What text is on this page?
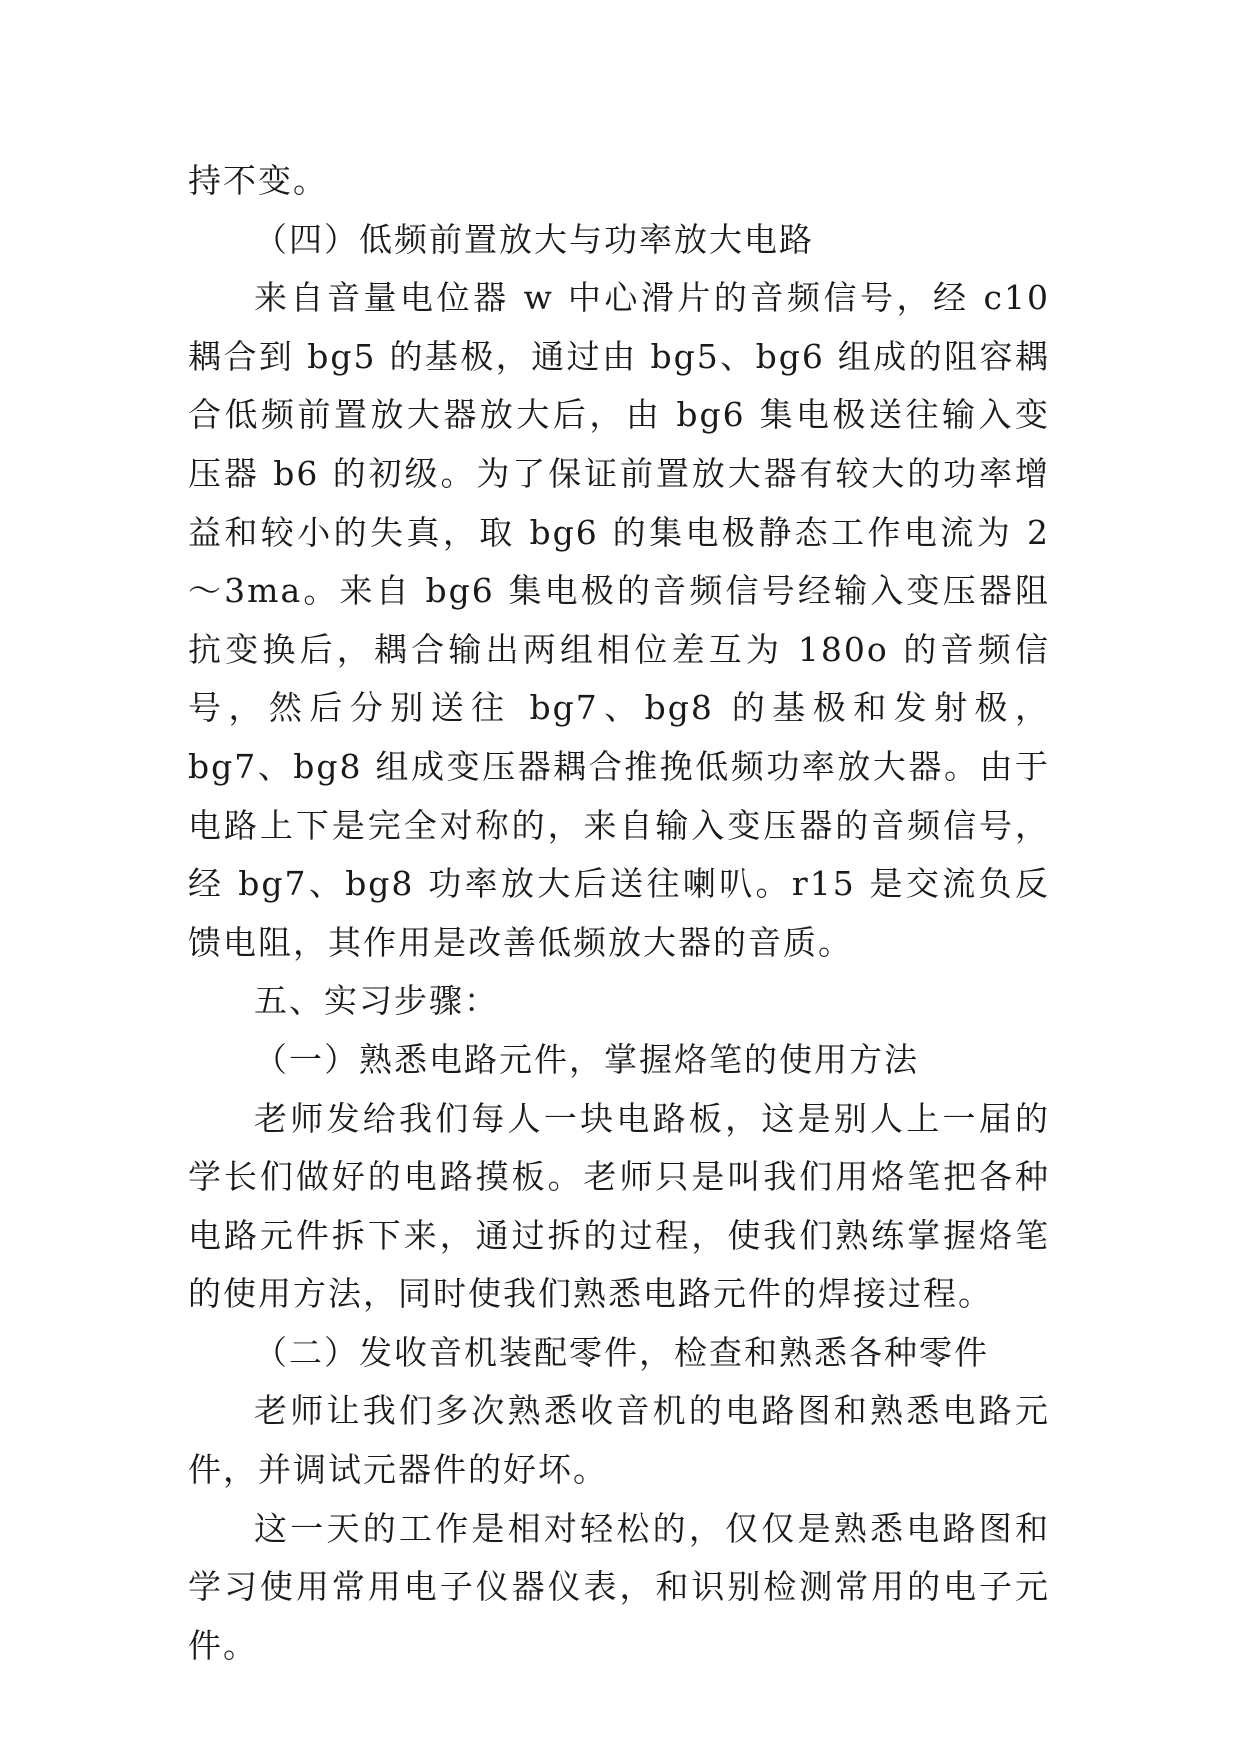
持不变。

（四）低频前置放大与功率放大电路

来自音量电位器 w 中心滑片的音频信号，经 c10 耦合到 bg5 的基极，通过由 bg5、bg6 组成的阻容耦合低频前置放大器放大后，由 bg6 集电极送往输入变压器 b6 的初级。为了保证前置放大器有较大的功率增益和较小的失真，取 bg6 的集电极静态工作电流为 2～3ma。来自 bg6 集电极的音频信号经输入变压器阻抗变换后，耦合输出两组相位差互为 180o 的音频信号，然后分别送往 bg7、bg8 的基极和发射极，bg7、bg8 组成变压器耦合推挽低频功率放大器。由于电路上下是完全对称的，来自输入变压器的音频信号，经 bg7、bg8 功率放大后送往喇叭。r15 是交流负反馈电阻，其作用是改善低频放大器的音质。

五、实习步骤：

（一）熟悉电路元件，掌握烙笔的使用方法

老师发给我们每人一块电路板，这是别人上一届的学长们做好的电路摸板。老师只是叫我们用烙笔把各种电路元件拆下来，通过拆的过程，使我们熟练掌握烙笔的使用方法，同时使我们熟悉电路元件的焊接过程。

（二）发收音机装配零件，检查和熟悉各种零件

老师让我们多次熟悉收音机的电路图和熟悉电路元件，并调试元器件的好坏。

这一天的工作是相对轻松的，仅仅是熟悉电路图和学习使用常用电子仪器仪表，和识别检测常用的电子元件。
